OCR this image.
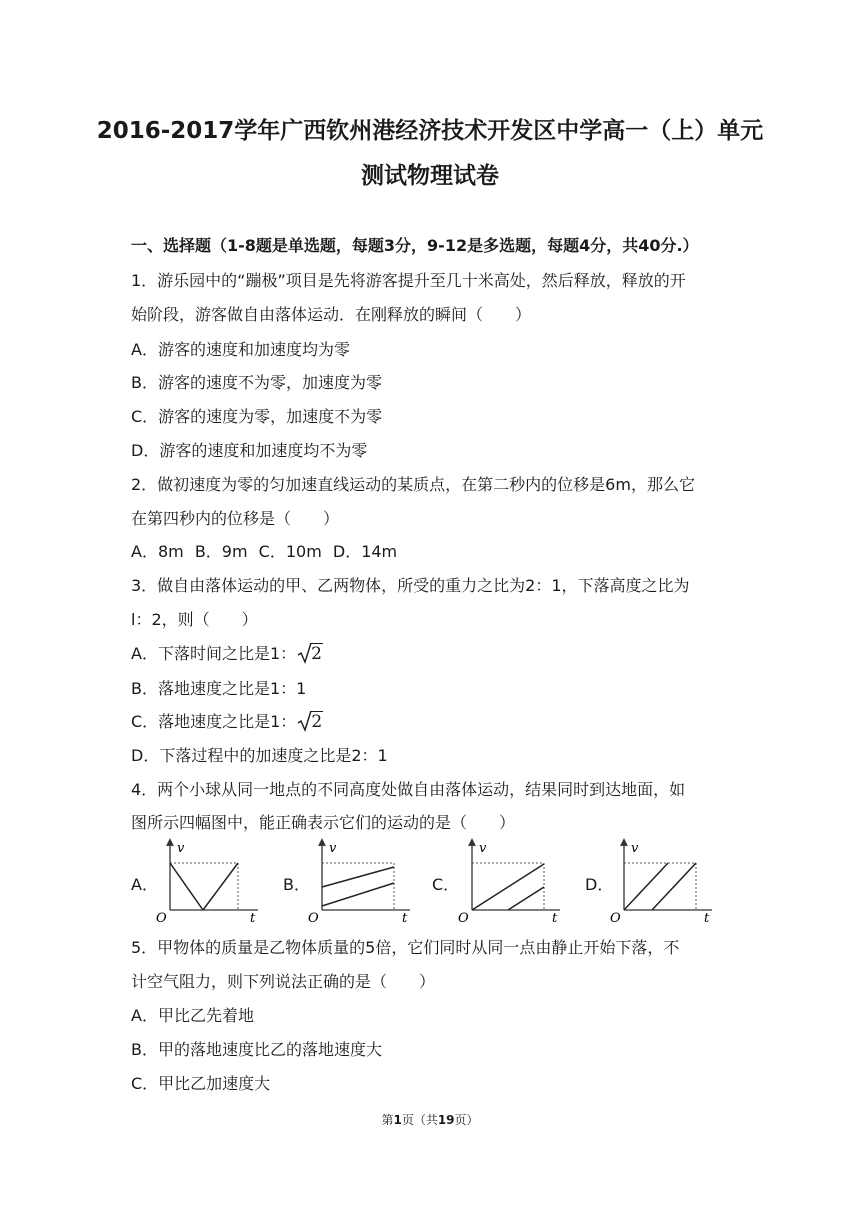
2016-2017学年广西钦州港经济技术开发区中学高一（上）单元
测试物理试卷
一、选择题（1-8题是单选题，每题3分，9-12是多选题，每题4分，共40分.）
1．游乐园中的“蹦极”项目是先将游客提升至几十米高处，然后释放，释放的开
始阶段，游客做自由落体运动．在刚释放的瞬间（　　）
A．游客的速度和加速度均为零
B．游客的速度不为零，加速度为零
C．游客的速度为零，加速度不为零
D．游客的速度和加速度均不为零
2．做初速度为零的匀加速直线运动的某质点，在第二秒内的位移是6m，那么它
在第四秒内的位移是（　　）
A．8m B．9m C．10m D．14m
3．做自由落体运动的甲、乙两物体，所受的重力之比为2：1，下落高度之比为
l：2，则（　　）
A．下落时间之比是1： 2
B．落地速度之比是1：1
C．落地速度之比是1： 2
D．下落过程中的加速度之比是2：1
4．两个小球从同一地点的不同高度处做自由落体运动，结果同时到达地面，如
图所示四幅图中，能正确表示它们的运动的是（　　）
A．	B．	C．	D．
v
O	t
v
O	t
v
O	t
v
O	t
5．甲物体的质量是乙物体质量的5倍，它们同时从同一点由静止开始下落，不
计空气阻力，则下列说法正确的是（　　）
A．甲比乙先着地
B．甲的落地速度比乙的落地速度大
C．甲比乙加速度大
第1页（共19页）
